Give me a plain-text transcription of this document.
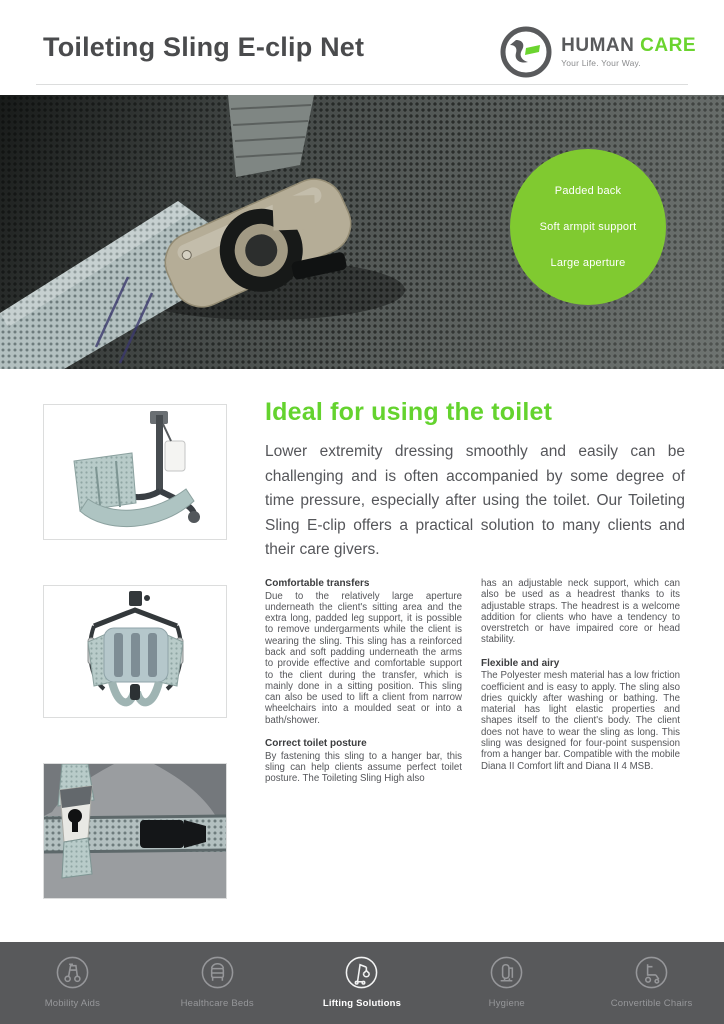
Toileting Sling E-clip Net	HUMAN CARE
Your Life. Your Way.
Padded back
Soft armpit support
Large aperture
Ideal for using the toilet

Lower extremity dressing smoothly and easily can be challenging and is often accompanied by some degree of time pressure, especially after using the toilet. Our Toileting Sling E-clip offers a practical solution to many clients and their care givers.

Comfortable transfers

Due to the relatively large aperture underneath the client's sitting area and the extra long, padded leg support, it is possible to remove undergarments while the client is wearing the sling. This sling has a reinforced back and soft padding underneath the arms to provide effective and comfortable support to the client during the transfer, which is mainly done in a sitting position. This sling can also be used to lift a client from narrow wheelchairs into a moulded seat or into a bath/shower.

Correct toilet posture

By fastening this sling to a hanger bar, this sling can help clients assume perfect toilet posture. The Toileting Sling High also

has an adjustable neck support, which can also be used as a headrest thanks to its adjustable straps. The headrest is a welcome addition for clients who have a tendency to overstretch or have impaired core or head stability.

Flexible and airy

The Polyester mesh material has a low friction coefficient and is easy to apply. The sling also dries quickly after washing or bathing. The material has light elastic properties and shapes itself to the client's body. The client does not have to wear the sling as long. This sling was designed for four-point suspension from a hanger bar. Compatible with the mobile Diana II Comfort lift and Diana II 4 MSB.

Mobility Aids	Healthcare Beds	Lifting Solutions	Hygiene	Convertible Chairs
